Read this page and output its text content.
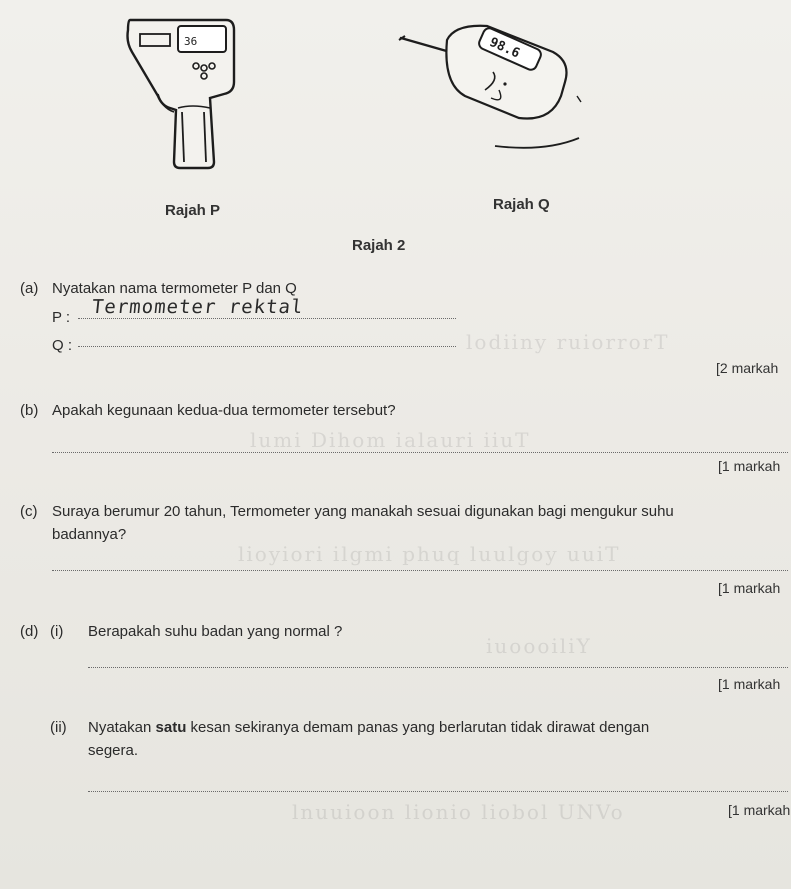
36	98.6
Rajah P	Rajah Q
Rajah 2
(a) Nyatakan nama termometer P dan Q
P : Termometer rektal
Q :	lodiiny ruiorrorT
[2 markah
(b) Apakah kegunaan kedua-dua termometer tersebut?
lumi Dihom ialauri iiuT
[1 markah
(c) Suraya berumur 20 tahun, Termometer yang manakah sesuai digunakan bagi mengukur suhu
badannya?
lioyiori ilgmi phuq luulgoy uuiT
[1 markah
(d) (i) Berapakah suhu badan yang normal ?
iuoooiliY
[1 markah
(ii) Nyatakan satu kesan sekiranya demam panas yang berlarutan tidak dirawat dengan
segera.
lnuuioon lionio liobol UNVo	[1 markah
